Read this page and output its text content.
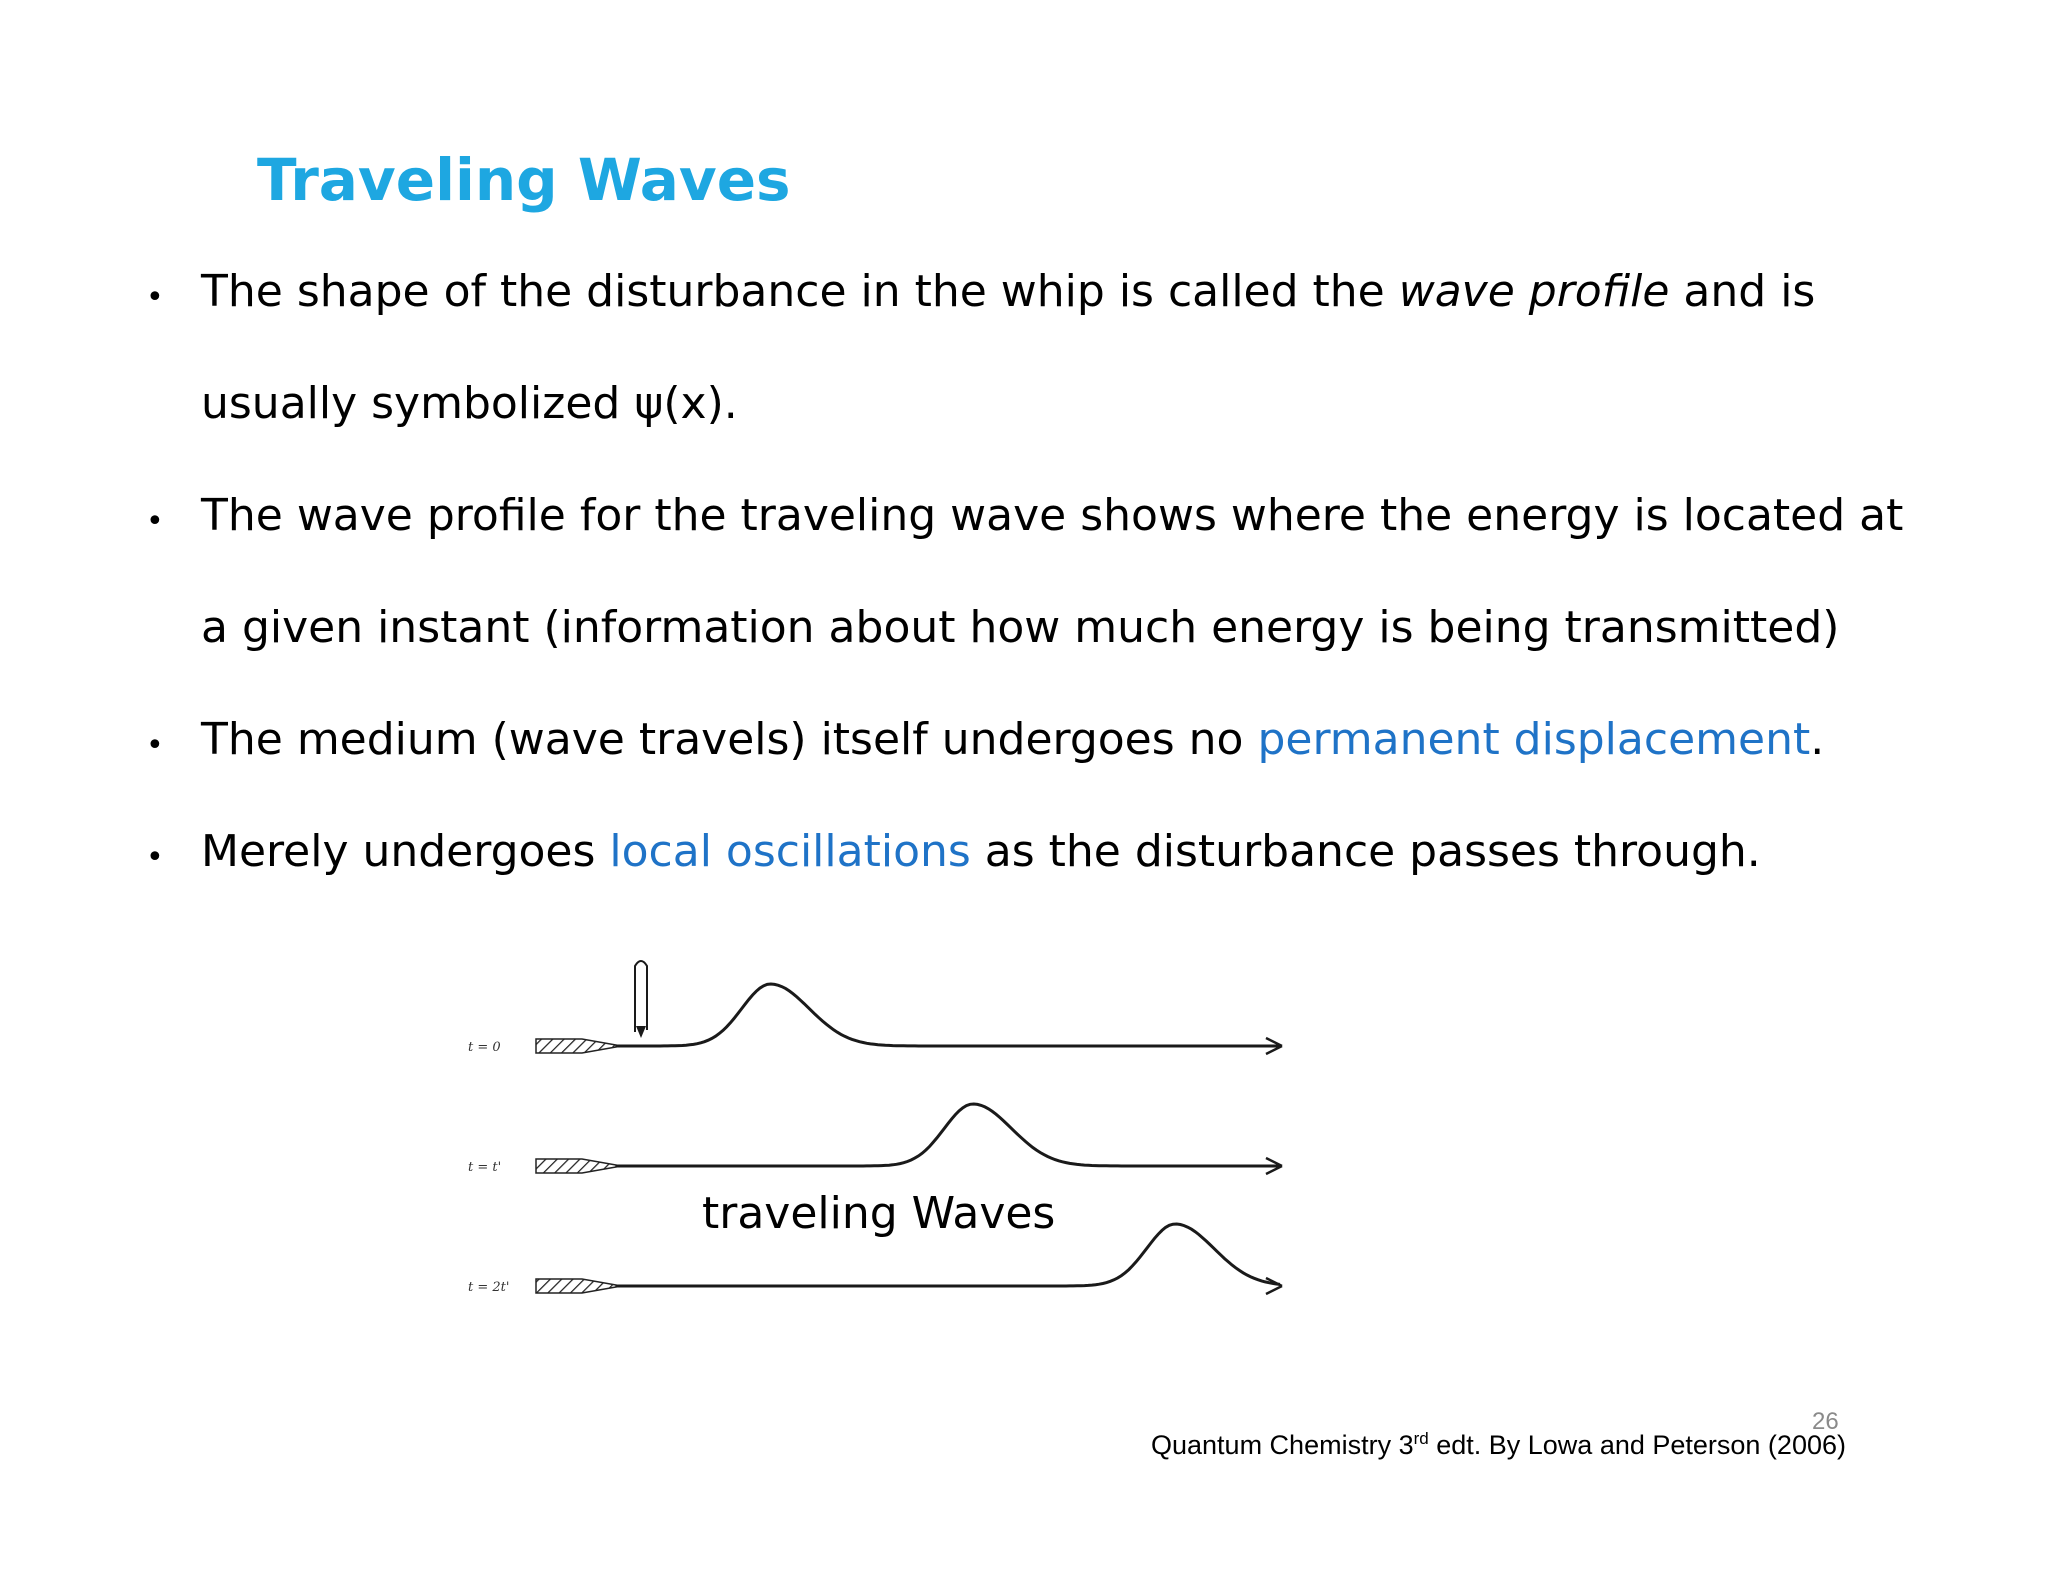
Traveling Waves
• The shape of the disturbance in the whip is called the wave profile and is
usually symbolized ψ(x).
• The wave profile for the traveling wave shows where the energy is located at
a given instant (information about how much energy is being transmitted)
• The medium (wave travels) itself undergoes no permanent displacement.
• Merely undergoes local oscillations as the disturbance passes through.
t = 0
t = t'
t = 2t'
traveling Waves
26
Quantum Chemistry 3rd edt. By Lowa and Peterson (2006)
